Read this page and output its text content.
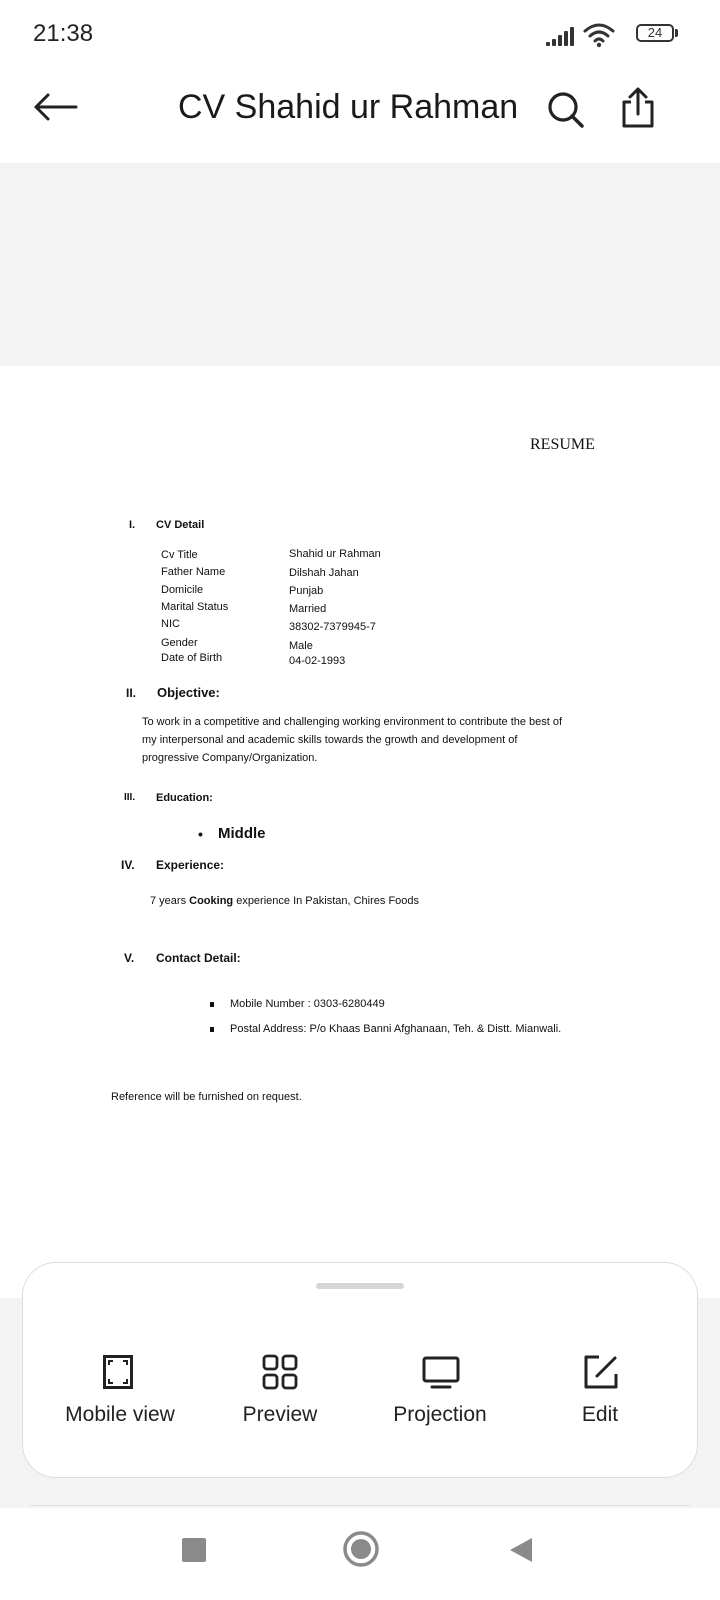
21:38	24
CV Shahid ur Rahman
RESUME
I. CV Detail
Cv Title	Shahid ur Rahman
Father Name	Dilshah Jahan
Domicile	Punjab
Marital Status	Married
NIC	38302-7379945-7
Gender	Male
Date of Birth	04-02-1993
II. Objective:
To work in a competitive and challenging working environment to contribute the best of
my interpersonal and academic skills towards the growth and development of
progressive Company/Organization.
III. Education:
• Middle
IV. Experience:
7 years Cooking experience In Pakistan, Chires Foods
V. Contact Detail:
Mobile Number : 0303-6280449
Postal Address: P/o Khaas Banni Afghanaan, Teh. & Distt. Mianwali.
Reference will be furnished on request.
Mobile view	Preview	Projection	Edit
